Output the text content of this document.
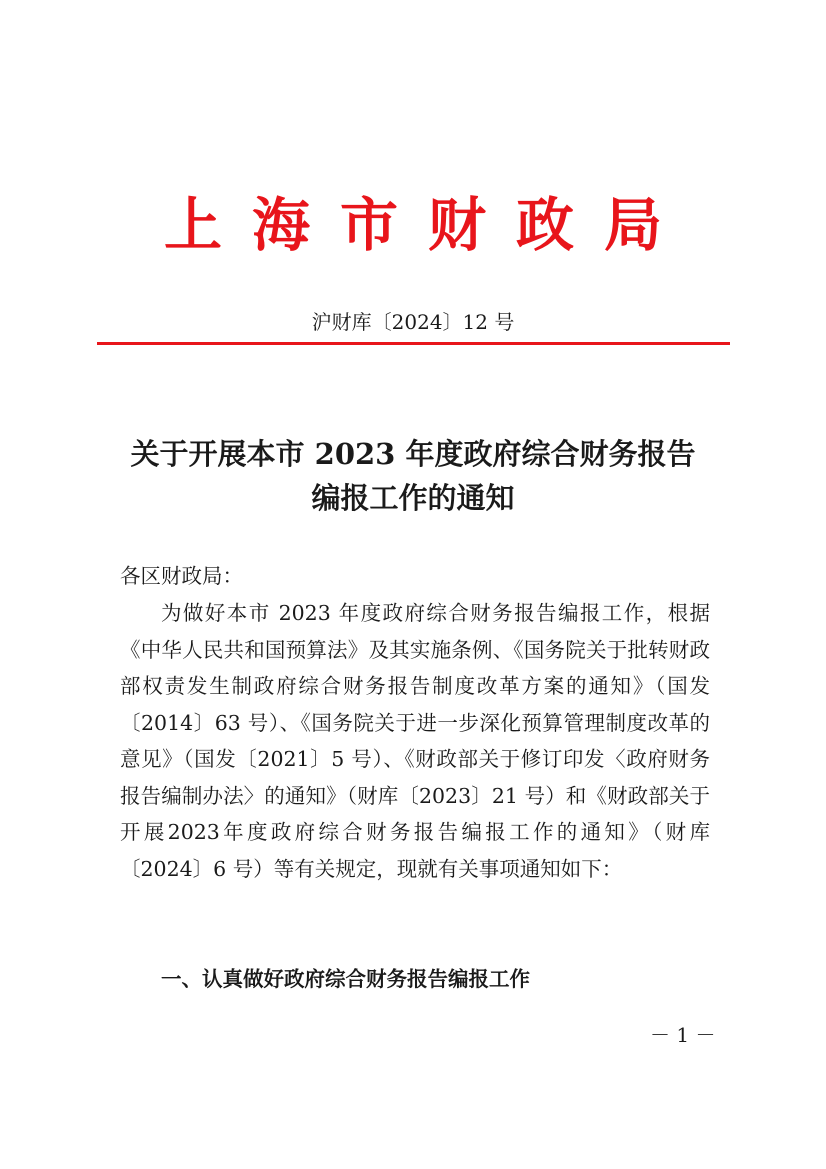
上海市财政局
沪财库〔2024〕12 号
关于开展本市 2023 年度政府综合财务报告
编报工作的通知
各区财政局：

为做好本市 2023 年度政府综合财务报告编报工作，根据《中华人民共和国预算法》及其实施条例、《国务院关于批转财政部权责发生制政府综合财务报告制度改革方案的通知》（国发〔2014〕63 号）、《国务院关于进一步深化预算管理制度改革的意见》（国发〔2021〕5 号）、《财政部关于修订印发〈政府财务报告编制办法〉的通知》（财库〔2023〕21 号）和《财政部关于开展2023年度政府综合财务报告编报工作的通知》（财库〔2024〕6 号）等有关规定，现就有关事项通知如下：

一、认真做好政府综合财务报告编报工作
－ 1 －
